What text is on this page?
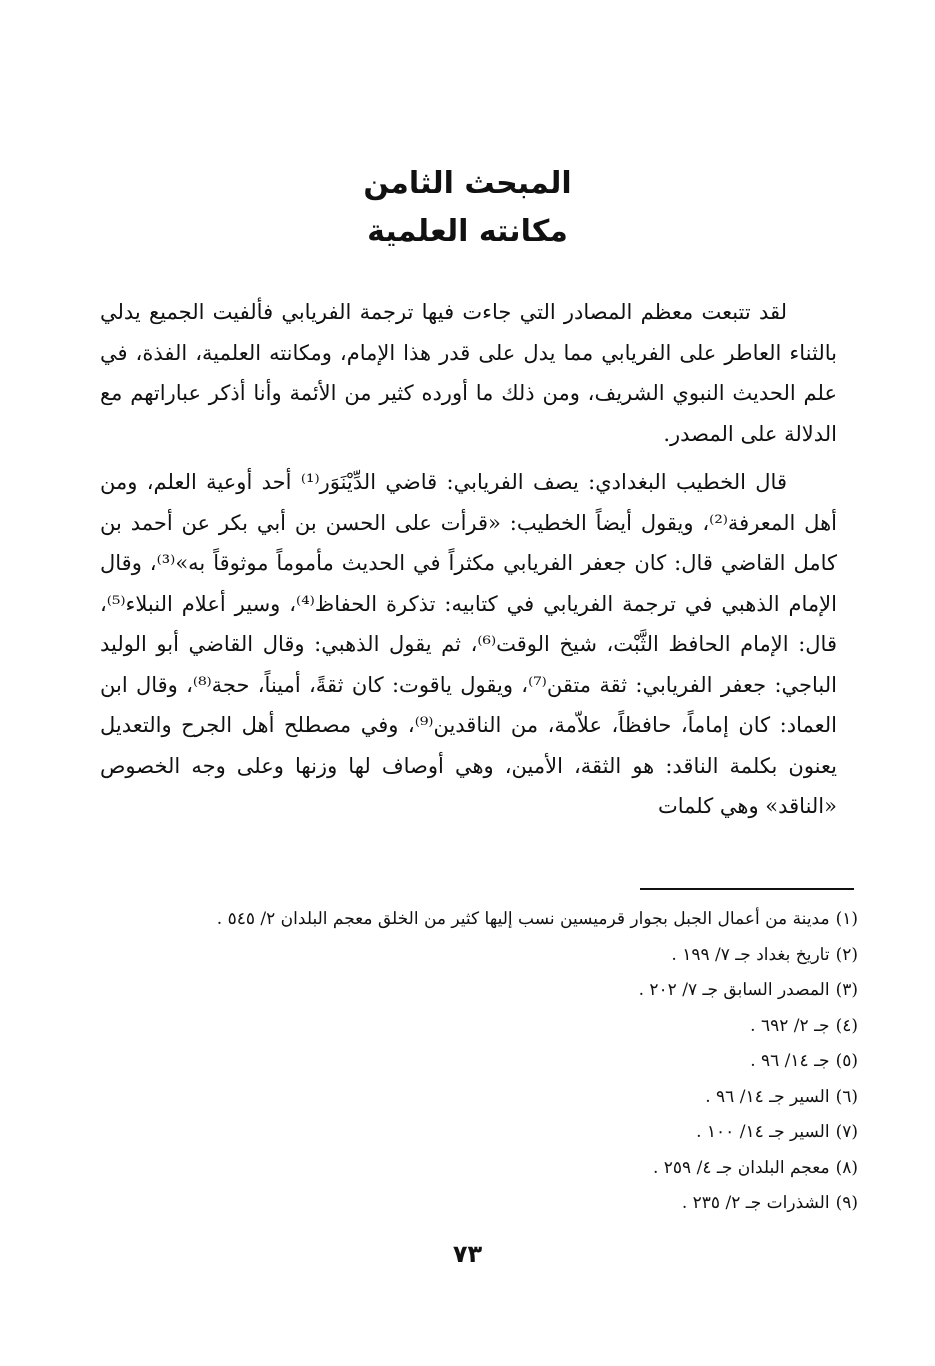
المبحث الثامن
مكانته العلمية

لقد تتبعت معظم المصادر التي جاءت فيها ترجمة الفريابي فألفيت الجميع يدلي بالثناء العاطر على الفريابي مما يدل على قدر هذا الإمام، ومكانته العلمية، الفذة، في علم الحديث النبوي الشريف، ومن ذلك ما أورده كثير من الأئمة وأنا أذكر عباراتهم مع الدلالة على المصدر.

قال الخطيب البغدادي: يصف الفريابي: قاضي الدِّيْنَوَر⁽¹⁾ أحد أوعية العلم، ومن أهل المعرفة⁽²⁾، ويقول أيضاً الخطيب: «قرأت على الحسن بن أبي بكر عن أحمد بن كامل القاضي قال: كان جعفر الفريابي مكثراً في الحديث مأموماً موثوقاً به»⁽³⁾، وقال الإمام الذهبي في ترجمة الفريابي في كتابيه: تذكرة الحفاظ⁽⁴⁾، وسير أعلام النبلاء⁽⁵⁾، قال: الإمام الحافظ الثَّبْت، شيخ الوقت⁽⁶⁾، ثم يقول الذهبي: وقال القاضي أبو الوليد الباجي: جعفر الفريابي: ثقة متقن⁽⁷⁾، ويقول ياقوت: كان ثقةً، أميناً، حجة⁽⁸⁾، وقال ابن العماد: كان إماماً، حافظاً، علاّمة، من الناقدين⁽⁹⁾، وفي مصطلح أهل الجرح والتعديل يعنون بكلمة الناقد: هو الثقة، الأمين، وهي أوصاف لها وزنها وعلى وجه الخصوص «الناقد» وهي كلمات

(١)مدينة من أعمال الجبل بجوار قرميسين نسب إليها كثير من الخلق معجم البلدان ٢/ ٥٤٥ .
(٢)تاريخ بغداد جـ ٧/ ١٩٩ .
(٣)المصدر السابق جـ ٧/ ٢٠٢ .
(٤)جـ ٢/ ٦٩٢ .
(٥)جـ ١٤/ ٩٦ .
(٦)السير جـ ١٤/ ٩٦ .
(٧)السير جـ ١٤/ ١٠٠ .
(٨)معجم البلدان جـ ٤/ ٢٥٩ .
(٩)الشذرات جـ ٢/ ٢٣٥ .
٧٣
